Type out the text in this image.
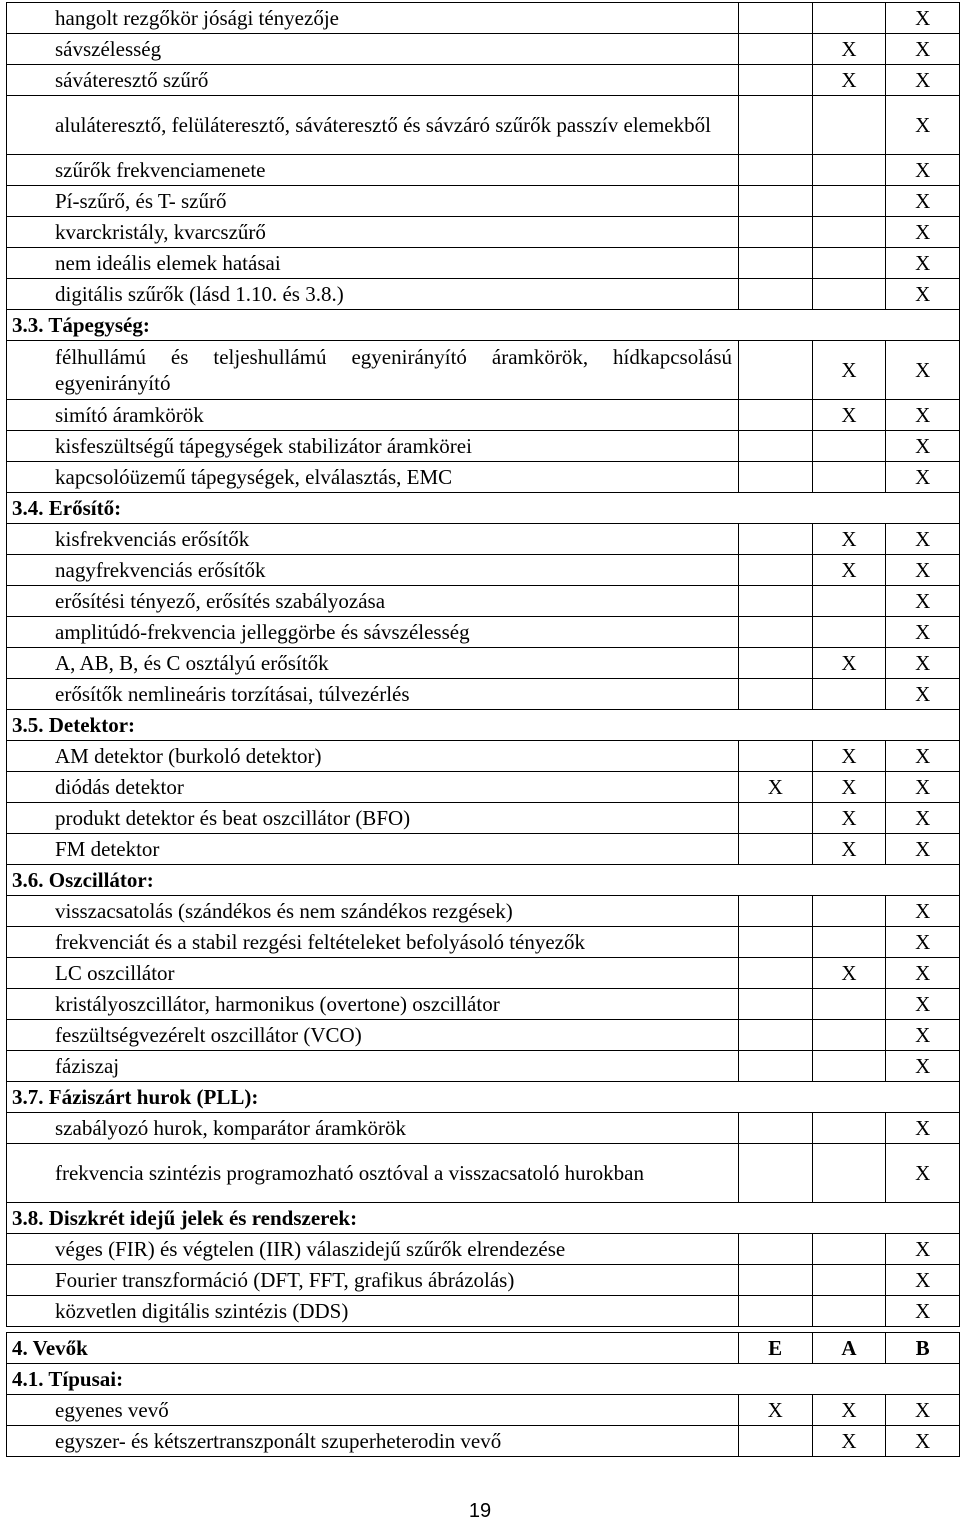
hangolt rezgőkör jósági tényezője			X
sávszélesség		X	X
sáváteresztő szűrő		X	X
aluláteresztő, felüláteresztő, sáváteresztő és sávzáró szűrők passzív elemekből			X
szűrők frekvenciamenete			X
Pí-szűrő, és T- szűrő			X
kvarckristály, kvarcszűrő			X
nem ideális elemek hatásai			X
digitális szűrők (lásd 1.10. és 3.8.)			X
3.3. Tápegység:			
félhullámú és teljeshullámú egyenirányító áramkörök, hídkapcsolású egyenirányító		X	X
simító áramkörök		X	X
kisfeszültségű tápegységek stabilizátor áramkörei			X
kapcsolóüzemű tápegységek, elválasztás, EMC			X
3.4. Erősítő:			
kisfrekvenciás erősítők		X	X
nagyfrekvenciás erősítők		X	X
erősítési tényező, erősítés szabályozása			X
amplitúdó-frekvencia jelleggörbe és sávszélesség			X
A, AB, B, és C osztályú erősítők		X	X
erősítők nemlineáris torzításai, túlvezérlés			X
3.5. Detektor:			
AM detektor (burkoló detektor)		X	X
diódás detektor	X	X	X
produkt detektor és beat oszcillátor (BFO)		X	X
FM detektor		X	X
3.6. Oszcillátor:			
visszacsatolás (szándékos és nem szándékos rezgések)			X
frekvenciát és a stabil rezgési feltételeket befolyásoló tényezők			X
LC oszcillátor		X	X
kristályoszcillátor, harmonikus (overtone) oszcillátor			X
feszültségvezérelt oszcillátor (VCO)			X
fáziszaj			X
3.7. Fáziszárt hurok (PLL):			
szabályozó hurok, komparátor áramkörök			X
frekvencia szintézis programozható osztóval a visszacsatoló hurokban			X
3.8. Diszkrét idejű jelek és rendszerek:			
véges (FIR) és végtelen (IIR) válaszidejű szűrők elrendezése			X
Fourier transzformáció (DFT, FFT, grafikus ábrázolás)			X
közvetlen digitális szintézis (DDS)			X
4. Vevők	E	A	B
4.1. Típusai:			
egyenes vevő	X	X	X
egyszer- és kétszertranszponált szuperheterodin vevő		X	X
19
